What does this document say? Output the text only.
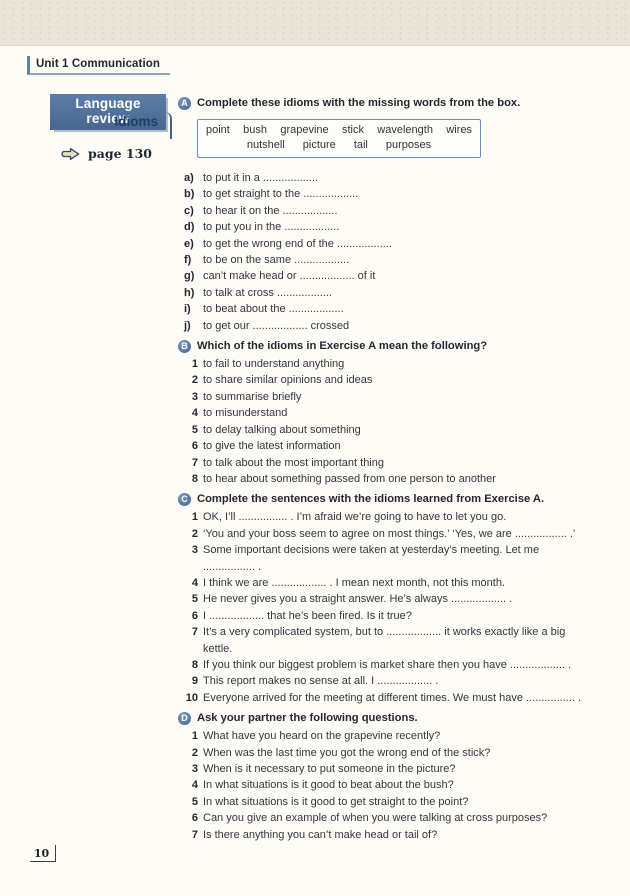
Unit 1 Communication
Language review
Idioms
page 130
A Complete these idioms with the missing words from the box.
point bush grapevine stick wavelength wires
nutshell picture tail purposes
a) to put it in a ..................
b) to get straight to the ..................
c) to hear it on the ..................
d) to put you in the ..................
e) to get the wrong end of the ..................
f)	to be on the same ..................
g) can’t make head or .................. of it
h) to talk at cross ..................
i)	to beat about the ..................
j)	to get our .................. crossed
B Which of the idioms in Exercise A mean the following?
1 to fail to understand anything
2 to share similar opinions and ideas
3 to summarise briefly
4 to misunderstand
5 to delay talking about something
6 to give the latest information
7 to talk about the most important thing
8 to hear about something passed from one person to another
C Complete the sentences with the idioms learned from Exercise A.
1 OK, I’ll ................ . I’m afraid we’re going to have to let you go.
2 ‘You and your boss seem to agree on most things.’ ‘Yes, we are ................. .’
3 Some important decisions were taken at yesterday’s meeting. Let me
................. .
4 I think we are .................. . I mean next month, not this month.
5 He never gives you a straight answer. He’s always .................. .
6 I .................. that he’s been fired. Is it true?
7 It’s a very complicated system, but to .................. it works exactly like a big
kettle.
8 If you think our biggest problem is market share then you have .................. .
9 This report makes no sense at all. I .................. .
10 Everyone arrived for the meeting at different times. We must have ................ .
D Ask your partner the following questions.
1 What have you heard on the grapevine recently?
2 When was the last time you got the wrong end of the stick?
3 When is it necessary to put someone in the picture?
4 In what situations is it good to beat about the bush?
5 In what situations is it good to get straight to the point?
6 Can you give an example of when you were talking at cross purposes?
7 Is there anything you can’t make head or tail of?
10
